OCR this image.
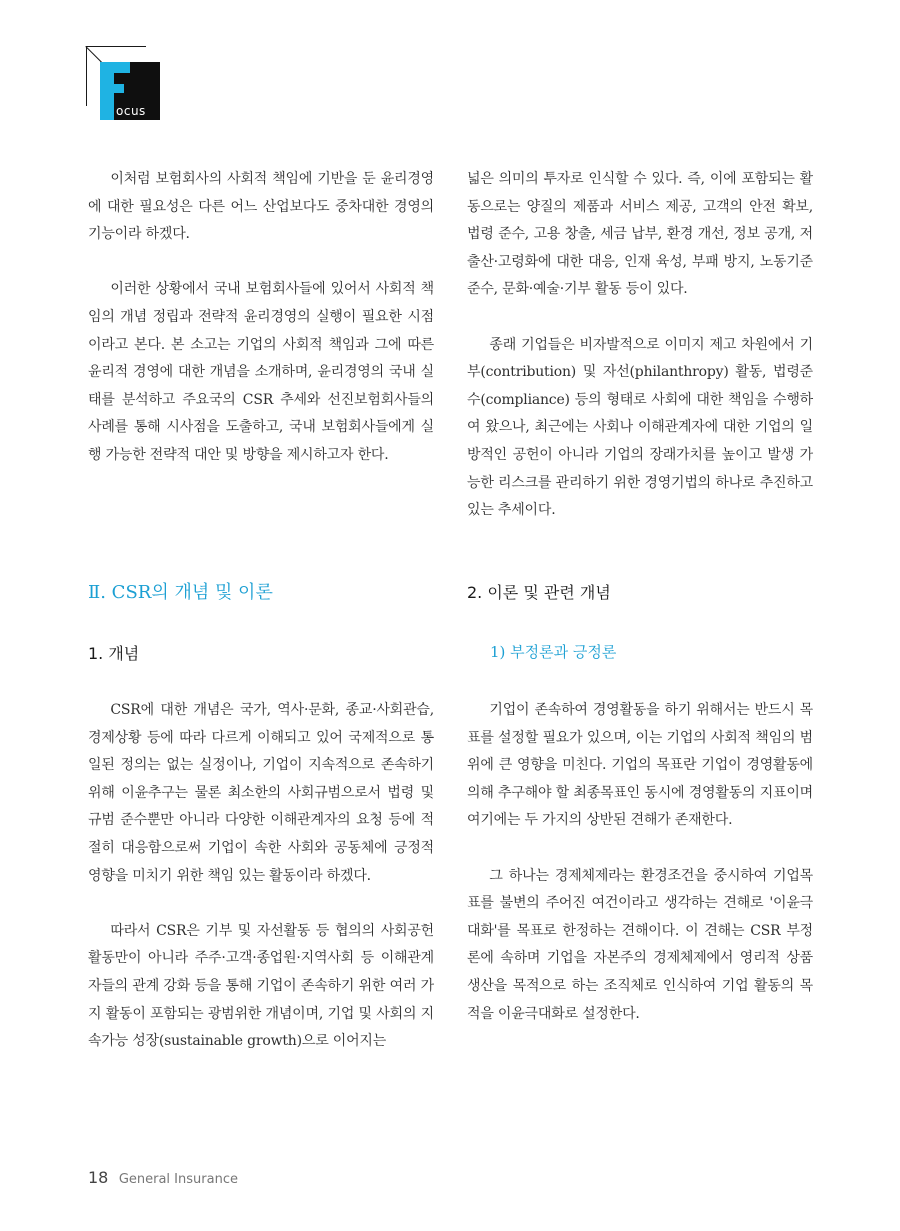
ocus

이처럼 보험회사의 사회적 책임에 기반을 둔 윤리경영에 대한 필요성은 다른 어느 산업보다도 중차대한 경영의 기능이라 하겠다.

이러한 상황에서 국내 보험회사들에 있어서 사회적 책임의 개념 정립과 전략적 윤리경영의 실행이 필요한 시점이라고 본다. 본 소고는 기업의 사회적 책임과 그에 따른 윤리적 경영에 대한 개념을 소개하며, 윤리경영의 국내 실태를 분석하고 주요국의 CSR 추세와 선진보험회사들의 사례를 통해 시사점을 도출하고, 국내 보험회사들에게 실행 가능한 전략적 대안 및 방향을 제시하고자 한다.

넓은 의미의 투자로 인식할 수 있다. 즉, 이에 포함되는 활동으로는 양질의 제품과 서비스 제공, 고객의 안전 확보, 법령 준수, 고용 창출, 세금 납부, 환경 개선, 정보 공개, 저출산·고령화에 대한 대응, 인재 육성, 부패 방지, 노동기준 준수, 문화·예술·기부 활동 등이 있다.

종래 기업들은 비자발적으로 이미지 제고 차원에서 기부(contribution) 및 자선(philanthropy) 활동, 법령준수(compliance) 등의 형태로 사회에 대한 책임을 수행하여 왔으나, 최근에는 사회나 이해관계자에 대한 기업의 일방적인 공헌이 아니라 기업의 장래가치를 높이고 발생 가능한 리스크를 관리하기 위한 경영기법의 하나로 추진하고 있는 추세이다.

Ⅱ. CSR의 개념 및 이론
1. 개념
2. 이론 및 관련 개념
1) 부정론과 긍정론

CSR에 대한 개념은 국가, 역사·문화, 종교·사회관습, 경제상황 등에 따라 다르게 이해되고 있어 국제적으로 통일된 정의는 없는 실정이나, 기업이 지속적으로 존속하기 위해 이윤추구는 물론 최소한의 사회규범으로서 법령 및 규범 준수뿐만 아니라 다양한 이해관계자의 요청 등에 적절히 대응함으로써 기업이 속한 사회와 공동체에 긍정적 영향을 미치기 위한 책임 있는 활동이라 하겠다.

따라서 CSR은 기부 및 자선활동 등 협의의 사회공헌 활동만이 아니라 주주·고객·종업원·지역사회 등 이해관계자들의 관계 강화 등을 통해 기업이 존속하기 위한 여러 가지 활동이 포함되는 광범위한 개념이며, 기업 및 사회의 지속가능 성장(sustainable growth)으로 이어지는

기업이 존속하여 경영활동을 하기 위해서는 반드시 목표를 설정할 필요가 있으며, 이는 기업의 사회적 책임의 범위에 큰 영향을 미친다. 기업의 목표란 기업이 경영활동에 의해 추구해야 할 최종목표인 동시에 경영활동의 지표이며 여기에는 두 가지의 상반된 견해가 존재한다.

그 하나는 경제체제라는 환경조건을 중시하여 기업목표를 불변의 주어진 여건이라고 생각하는 견해로 '이윤극대화'를 목표로 한정하는 견해이다. 이 견해는 CSR 부정론에 속하며 기업을 자본주의 경제체제에서 영리적 상품 생산을 목적으로 하는 조직체로 인식하여 기업 활동의 목적을 이윤극대화로 설정한다.

18 General Insurance
